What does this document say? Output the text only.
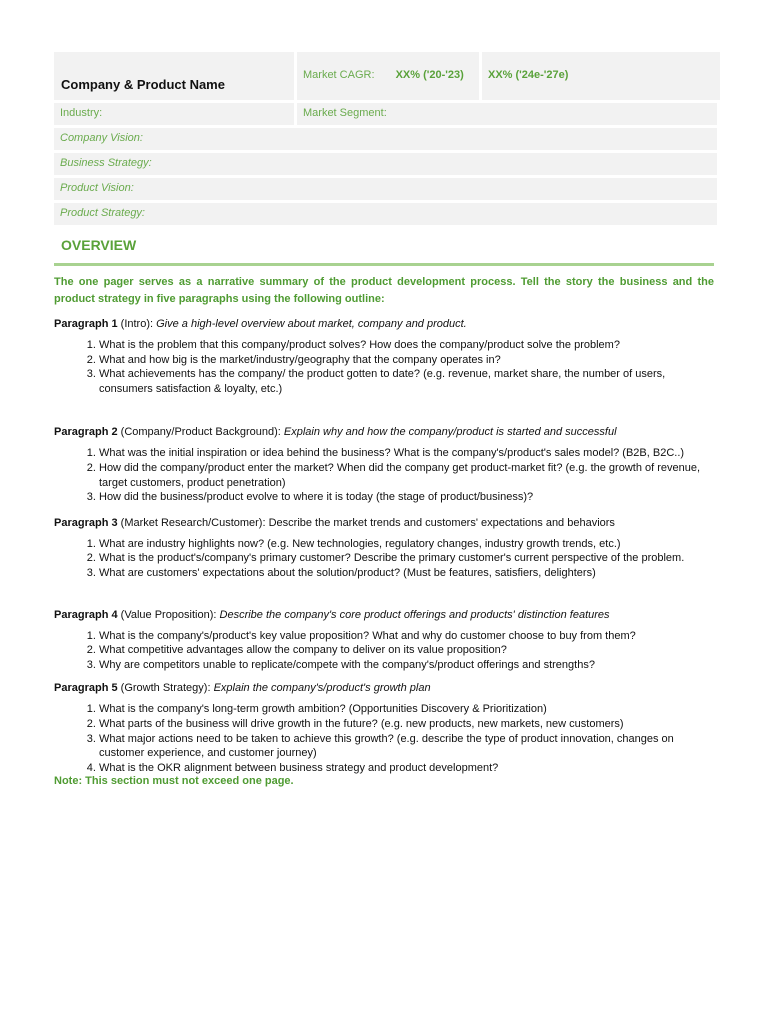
Company & Product Name
Market CAGR: XX% ('20-'23)	XX% ('24e-'27e)
Industry:	Market Segment:
Company Vision:
Business Strategy:
Product Vision:
Product Strategy:
OVERVIEW
The one pager serves as a narrative summary of the product development process. Tell the story the business and the product strategy in five paragraphs using the following outline:
Paragraph 1 (Intro): Give a high-level overview about market, company and product.
1. What is the problem that this company/product solves? How does the company/product solve the problem?
2. What and how big is the market/industry/geography that the company operates in?
3. What achievements has the company/ the product gotten to date? (e.g. revenue, market share, the number of users, consumers satisfaction & loyalty, etc.)
Paragraph 2 (Company/Product Background): Explain why and how the company/product is started and successful
1. What was the initial inspiration or idea behind the business? What is the company's/product's sales model? (B2B, B2C..)
2. How did the company/product enter the market? When did the company get product-market fit? (e.g. the growth of revenue, target customers, product penetration)
3. How did the business/product evolve to where it is today (the stage of product/business)?
Paragraph 3 (Market Research/Customer): Describe the market trends and customers' expectations and behaviors
1. What are industry highlights now? (e.g. New technologies, regulatory changes, industry growth trends, etc.)
2. What is the product's/company's primary customer? Describe the primary customer's current perspective of the problem.
3. What are customers' expectations about the solution/product? (Must be features, satisfiers, delighters)
Paragraph 4 (Value Proposition): Describe the company's core product offerings and products' distinction features
1. What is the company's/product's key value proposition? What and why do customer choose to buy from them?
2. What competitive advantages allow the company to deliver on its value proposition?
3. Why are competitors unable to replicate/compete with the company's/product offerings and strengths?
Paragraph 5 (Growth Strategy): Explain the company's/product's growth plan
1. What is the company's long-term growth ambition? (Opportunities Discovery & Prioritization)
2. What parts of the business will drive growth in the future? (e.g. new products, new markets, new customers)
3. What major actions need to be taken to achieve this growth? (e.g. describe the type of product innovation, changes on customer experience, and customer journey)
4. What is the OKR alignment between business strategy and product development?
Note: This section must not exceed one page.
